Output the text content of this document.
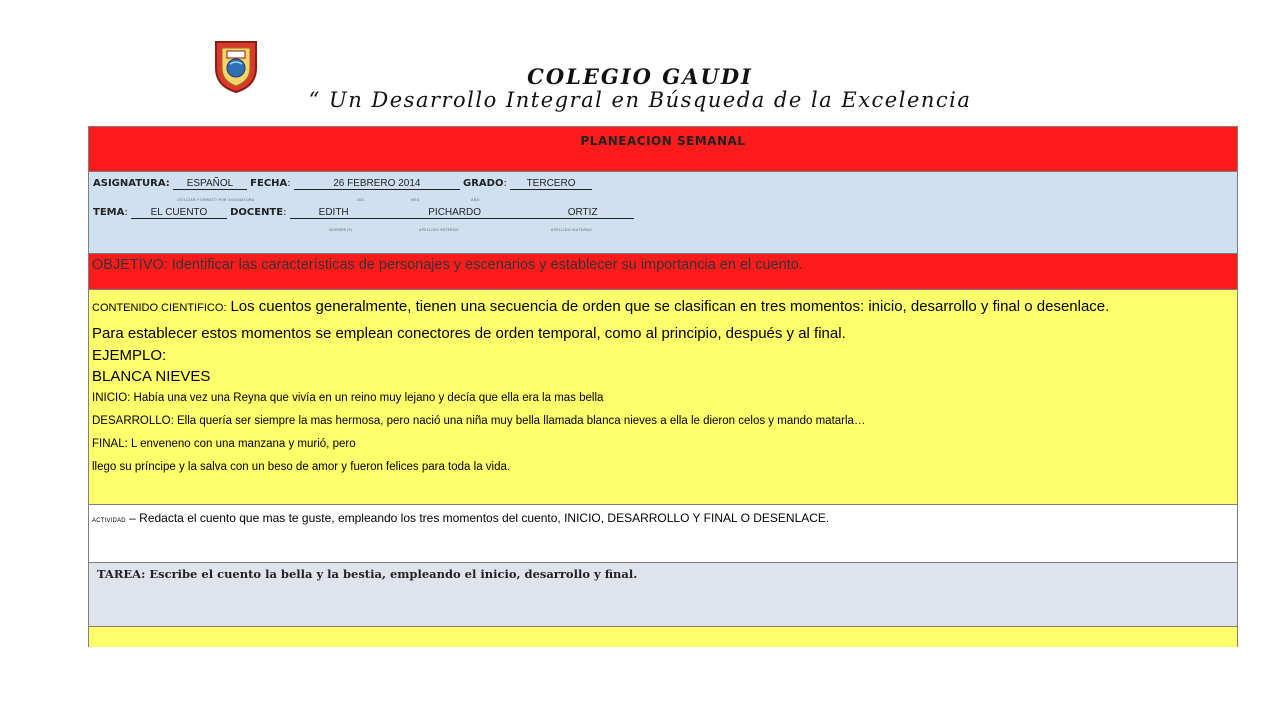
COLEGIO GAUDI
“ Un Desarrollo Integral en Búsqueda de la Excelencia
PLANEACION SEMANAL
ASIGNATURA: ESPAÑOL FECHA:	26 FEBRERO 2014	GRADO: TERCERO
UTILIZAR FORMATO POR ASIGNATURA	DÍA	MES	AÑO
TEMA: EL CUENTO DOCENTE:	EDITH	PICHARDO	ORTIZ
NOMBRE(S)	APELLIDO PATERNO	APELLIDO MATERNO
OBJETIVO: Identificar las características de personajes y escenarios y establecer su importancia en el cuento.

CONTENIDO CIENTIFICO: Los cuentos generalmente, tienen una secuencia de orden que se clasifican en tres momentos: inicio, desarrollo y final o desenlace.

Para establecer estos momentos se emplean conectores de orden temporal, como al principio, después y al final.

EJEMPLO:

BLANCA NIEVES

INICIO: Había una vez una Reyna que vivía en un reino muy lejano y decía que ella era la mas bella

DESARROLLO: Ella quería ser siempre la mas hermosa, pero nació una niña muy bella llamada blanca nieves a ella le dieron celos y mando matarla…

FINAL: L enveneno con una manzana y murió, pero

llego su príncipe y la salva con un beso de amor y fueron felices para toda la vida.

ACTIVIDAD – Redacta el cuento que mas te guste, empleando los tres momentos del cuento, INICIO, DESARROLLO Y FINAL O DESENLACE.
TAREA: Escribe el cuento la bella y la bestia, empleando el inicio, desarrollo y final.
